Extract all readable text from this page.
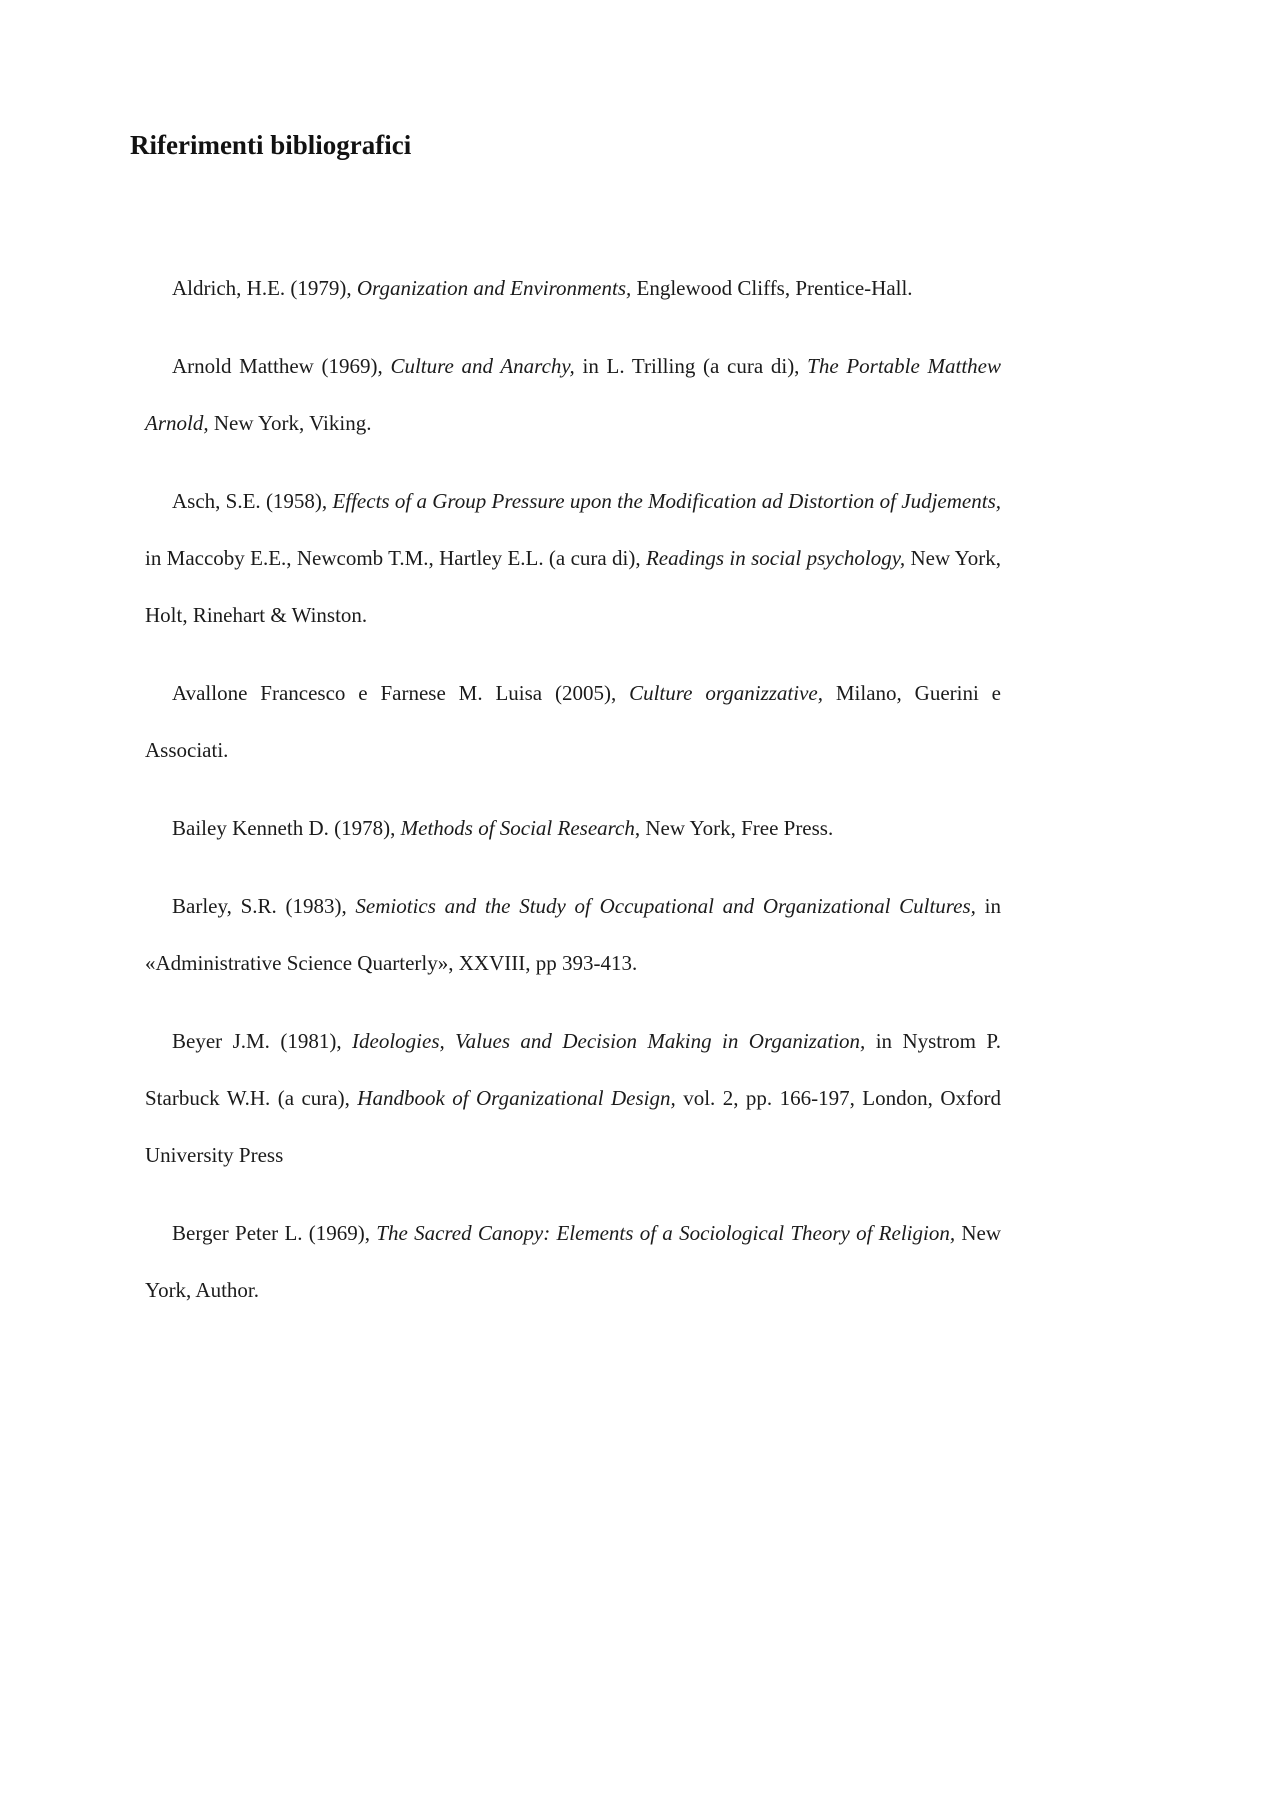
Riferimenti bibliografici

Aldrich, H.E. (1979), Organization and Environments, Englewood Cliffs, Prentice-Hall.

Arnold Matthew (1969), Culture and Anarchy, in L. Trilling (a cura di), The Portable Matthew Arnold, New York, Viking.

Asch, S.E. (1958), Effects of a Group Pressure upon the Modification ad Distortion of Judjements, in Maccoby E.E., Newcomb T.M., Hartley E.L. (a cura di), Readings in social psychology, New York, Holt, Rinehart & Winston.

Avallone Francesco e Farnese M. Luisa (2005), Culture organizzative, Milano, Guerini e Associati.

Bailey Kenneth D. (1978), Methods of Social Research, New York, Free Press.

Barley, S.R. (1983), Semiotics and the Study of Occupational and Organizational Cultures, in «Administrative Science Quarterly», XXVIII, pp 393-413.

Beyer J.M. (1981), Ideologies, Values and Decision Making in Organization, in Nystrom P. Starbuck W.H. (a cura), Handbook of Organizational Design, vol. 2, pp. 166-197, London, Oxford University Press

Berger Peter L. (1969), The Sacred Canopy: Elements of a Sociological Theory of Religion, New York, Author.
